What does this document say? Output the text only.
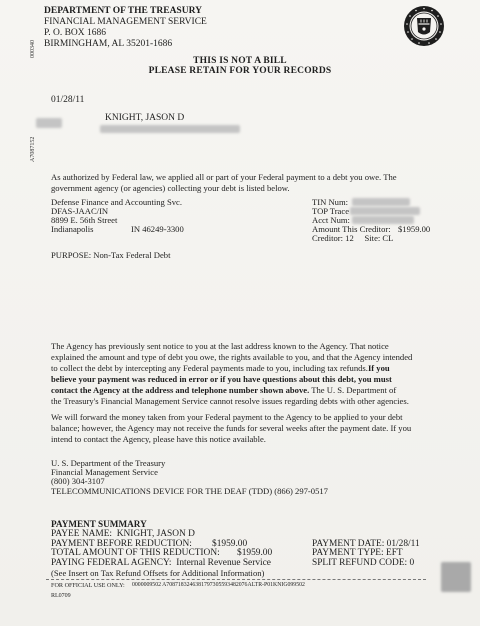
000340
A7087152
DEPARTMENT OF THE TREASURY
FINANCIAL MANAGEMENT SERVICE
P. O. BOX 1686
BIRMINGHAM, AL 35201-1686
THIS IS NOT A BILL
PLEASE RETAIN FOR YOUR RECORDS
01/28/11
KNIGHT, JASON D
As authorized by Federal law, we applied all or part of your Federal payment to a debt you owe. The
government agency (or agencies) collecting your debt is listed below.
Defense Finance and Accounting Svc.
DFAS-JAAC/IN
8899 E. 56th Street
Indianapolis	IN 46249-3300
TIN Num:
TOP Trace
Acct Num:
Amount This Creditor: $1959.00
Creditor: 12     Site: CL
PURPOSE: Non-Tax Federal Debt
The Agency has previously sent notice to you at the last address known to the Agency. That notice
explained the amount and type of debt you owe, the rights available to you, and that the Agency intended
to collect the debt by intercepting any Federal payments made to you, including tax refunds.If you
believe your payment was reduced in error or if you have questions about this debt, you must
contact the Agency at the address and telephone number shown above. The U. S. Department of
the Treasury's Financial Management Service cannot resolve issues regarding debts with other agencies.
We will forward the money taken from your Federal payment to the Agency to be applied to your debt
balance; however, the Agency may not receive the funds for several weeks after the payment date. If you
intend to contact the Agency, please have this notice available.
U. S. Department of the Treasury
Financial Management Service
(800) 304-3107
TELECOMMUNICATIONS DEVICE FOR THE DEAF (TDD) (866) 297-0517
PAYMENT SUMMARY
PAYEE NAME:  KNIGHT, JASON D
PAYMENT BEFORE REDUCTION: $1959.00
TOTAL AMOUNT OF THIS REDUCTION: $1959.00
PAYING FEDERAL AGENCY:  Internal Revenue Service
(See Insert on Tax Refund Offsets for Additional Information)
PAYMENT DATE: 01/28/11
PAYMENT TYPE: EFT
SPLIT REFUND CODE: 0
FOR OFFICIAL USE ONLY: 0000009502 A7087183246381797305593482076ALTR-P01KNIG099502
RL0709
